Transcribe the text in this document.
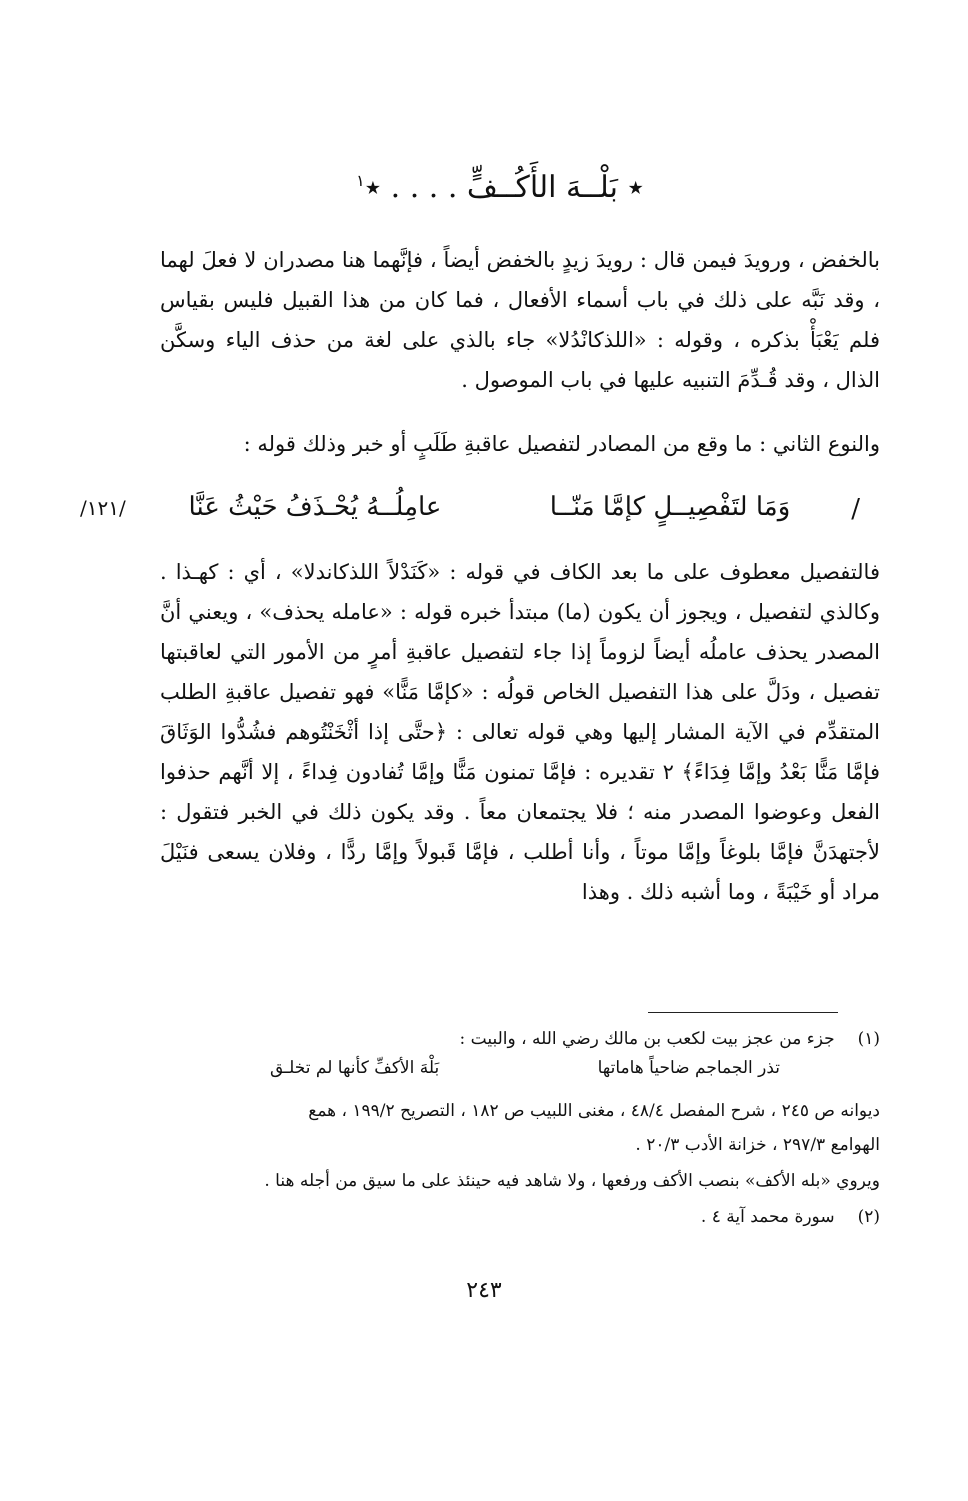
٭ بَلْــهَ الأَكُــفٍّ . . . . ٭$^١$
بالخفض ، ورويدَ فيمن قال : رويدَ زيدٍ بالخفض أيضاً ، فإنَّهما هنا مصدران لا فعلَ لهما ، وقد نَبَّه على ذلك في باب أسماء الأفعال ، فما كان من هذا القبيل فليس بقياس فلم يَعْبَأْ بذكره ، وقوله : «اللذكانْدُلا» جاء بالذي على لغة من حذف الياء وسكَّن الذال ، وقد قُـدِّمَ التنبيه عليها في باب الموصول .
والنوع الثاني : ما وقع من المصادر لتفصيل عاقبةِ طَلَبٍ أو خبر وذلك قوله :
/
وَمَا لتَفْصِيــلٍ كإمَّا مَنّــا
عامِلُــهُ يُحْـذَفُ حَيْثُ عَنَّا
/١٢١/
فالتفصيل معطوف على ما بعد الكاف في قوله : «كَنَدْلاً اللذكاندلا» ، أي : كهـذا . وكالذي لتفصيل ، ويجوز أن يكون (ما) مبتدأ خبره قوله : «عامله يحذف» ، ويعني أنَّ المصدر يحذف عاملُه أيضاً لزوماً إذا جاء لتفصيل عاقبةِ أمرٍ من الأمور التي لعاقبتها تفصيل ، ودَلَّ على هذا التفصيل الخاص قولُه : «كإمَّا مَنًّا» فهو تفصيل عاقبةِ الطلب المتقدِّم في الآية المشار إليها وهي قوله تعالى : ﴿حتَّى إذا أثْخَنْتُوهم فشُدُّوا الوَثَاقَ فإمَّا مَنًّا بَعْدُ وإمَّا فِدَاءً﴾ ٢ تقديره : فإمَّا تمنون مَنًّا وإمَّا تُفادون فِداءً ، إلا أنَّهم حذفوا الفعل وعوضوا المصدر منه ؛ فلا يجتمعان معاً . وقد يكون ذلك في الخبر فتقول : لأجتهدَنَّ فإمَّا بلوغاً وإمَّا موتاً ، وأنا أطلب ، فإمَّا قَبولاً وإمَّا ردًّا ، وفلان يسعى فنَيْلَ مراد أو خَيْبَةً ، وما أشبه ذلك . وهذا
(١) جزء من عجز بيت لكعب بن مالك رضي الله ، والبيت :
تذر الجماجم ضاحياً هاماتها
بَلْهَ الأكفِّ كأنها لم تخلـق
ديوانه ص ٢٤٥ ، شرح المفصل ٤٨/٤ ، مغنى اللبيب ص ١٨٢ ، التصريح ١٩٩/٢ ، همع
الهوامع ٢٩٧/٣ ، خزانة الأدب ٢٠/٣ .
ويروي «بله الأكف» بنصب الأكف ورفعها ، ولا شاهد فيه حينئذ على ما سيق من أجله هنا .
(٢) سورة محمد آية ٤ .
٢٤٣
